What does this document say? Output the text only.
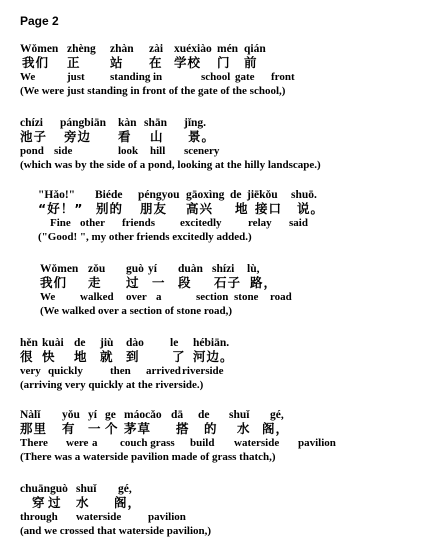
Page 2
Wǒmen zhèng zhàn zài xuéxiào mén qián
我们 正 站 在 学校 门 前
We	just standing in	school gate front
(We were just standing in front of the gate of the school,)
chízi pángbiān kàn shān jǐng.
池子 旁边 看 山 景。
pond side	look hill scenery
(which was by the side of a pond, looking at the hilly landscape.)
"Hǎo!" Biéde péngyou gāoxìng de jiēkǒu shuō.
“好！” 别的 朋友 高兴 地 接口 说。
Fine other friends excitedly relay said
("Good! ", my other friends excitedly added.)
Wǒmen zǒu guò yí duàn shízi lù,
我们 走 过 一 段 石子 路，
We walked over a	section stone road
(We walked over a section of stone road,)
hěn kuài de jiù dào le hébiān.
很 快 地 就 到	了 河边。
very quickly then arrived riverside
(arriving very quickly at the riverside.)
Nàlǐ yǒu yí ge máocǎo dā de shuǐ gé,
那里 有 一 个 茅草 搭 的 水 阁，
There were a couch grass build waterside pavilion
(There was a waterside pavilion made of grass thatch,)
chuānguò shuǐ gé,
穿 过 水 阁，
through waterside pavilion
(and we crossed that waterside pavilion,)
